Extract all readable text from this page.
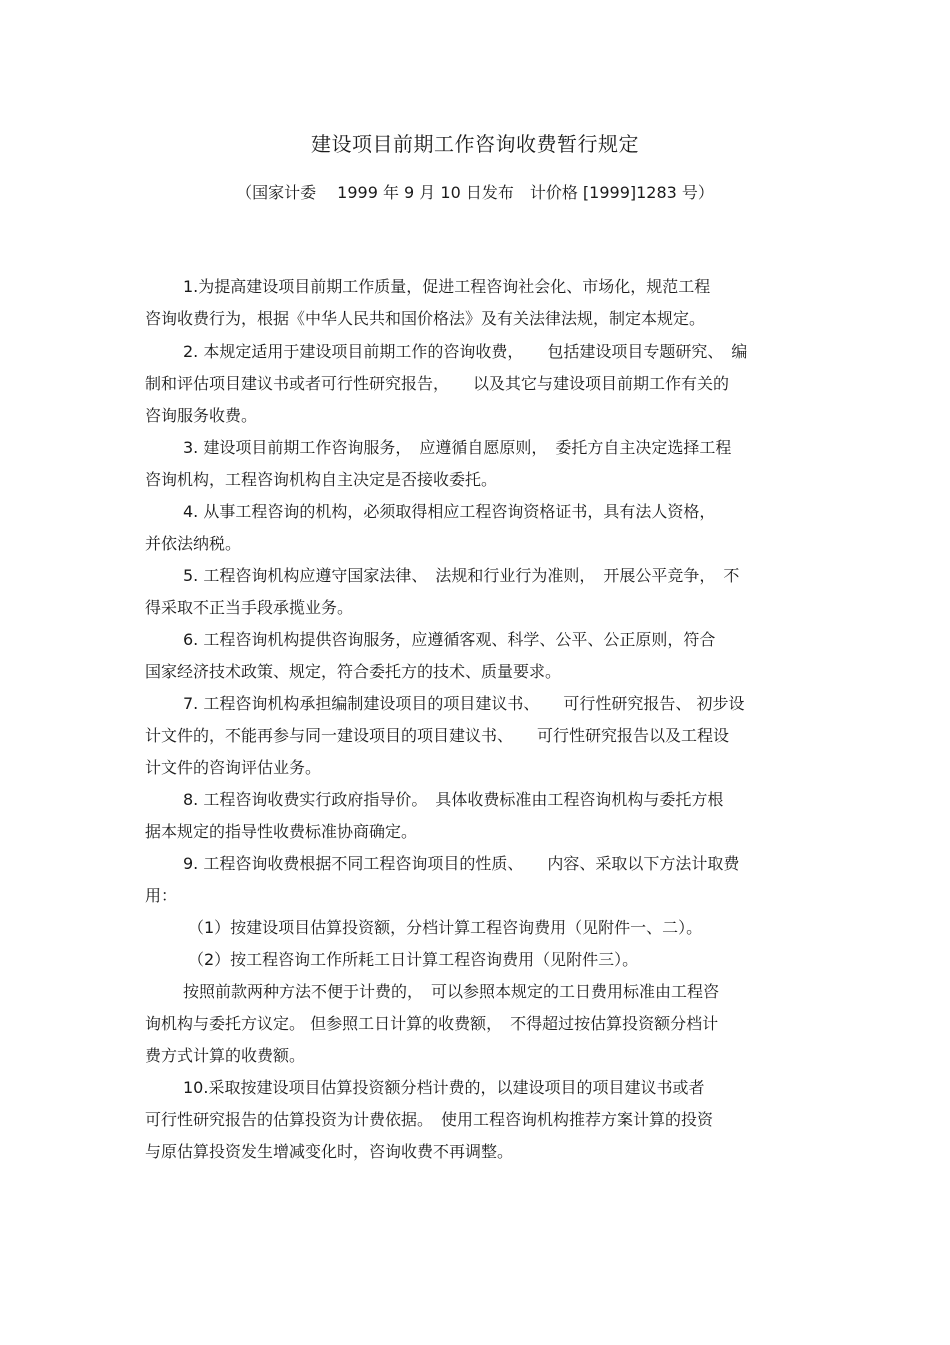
建设项目前期工作咨询收费暂行规定
（国家计委　 1999 年 9 月 10 日发布　计价格 [1999]1283 号）
1.为提高建设项目前期工作质量，促进工程咨询社会化、市场化，规范工程
咨询收费行为，根据《中华人民共和国价格法》及有关法律法规，制定本规定。
2. 本规定适用于建设项目前期工作的咨询收费，　　包括建设项目专题研究、　编
制和评估项目建议书或者可行性研究报告，　　以及其它与建设项目前期工作有关的
咨询服务收费。
3. 建设项目前期工作咨询服务，　应遵循自愿原则，　委托方自主决定选择工程
咨询机构，工程咨询机构自主决定是否接收委托。
4. 从事工程咨询的机构，必须取得相应工程咨询资格证书，具有法人资格，
并依法纳税。
5. 工程咨询机构应遵守国家法律、　法规和行业行为准则，　开展公平竞争，　不
得采取不正当手段承揽业务。
6. 工程咨询机构提供咨询服务，应遵循客观、科学、公平、公正原则，符合
国家经济技术政策、规定，符合委托方的技术、质量要求。
7. 工程咨询机构承担编制建设项目的项目建议书、　　可行性研究报告、 初步设
计文件的，不能再参与同一建设项目的项目建议书、　　可行性研究报告以及工程设
计文件的咨询评估业务。
8. 工程咨询收费实行政府指导价。　具体收费标准由工程咨询机构与委托方根
据本规定的指导性收费标准协商确定。
9. 工程咨询收费根据不同工程咨询项目的性质、　　内容、采取以下方法计取费
用：
（1）按建设项目估算投资额，分档计算工程咨询费用（见附件一、二）。
（2）按工程咨询工作所耗工日计算工程咨询费用（见附件三）。
按照前款两种方法不便于计费的，　可以参照本规定的工日费用标准由工程咨
询机构与委托方议定。 但参照工日计算的收费额，　不得超过按估算投资额分档计
费方式计算的收费额。
10.采取按建设项目估算投资额分档计费的，以建设项目的项目建议书或者
可行性研究报告的估算投资为计费依据。　使用工程咨询机构推荐方案计算的投资
与原估算投资发生增减变化时，咨询收费不再调整。
